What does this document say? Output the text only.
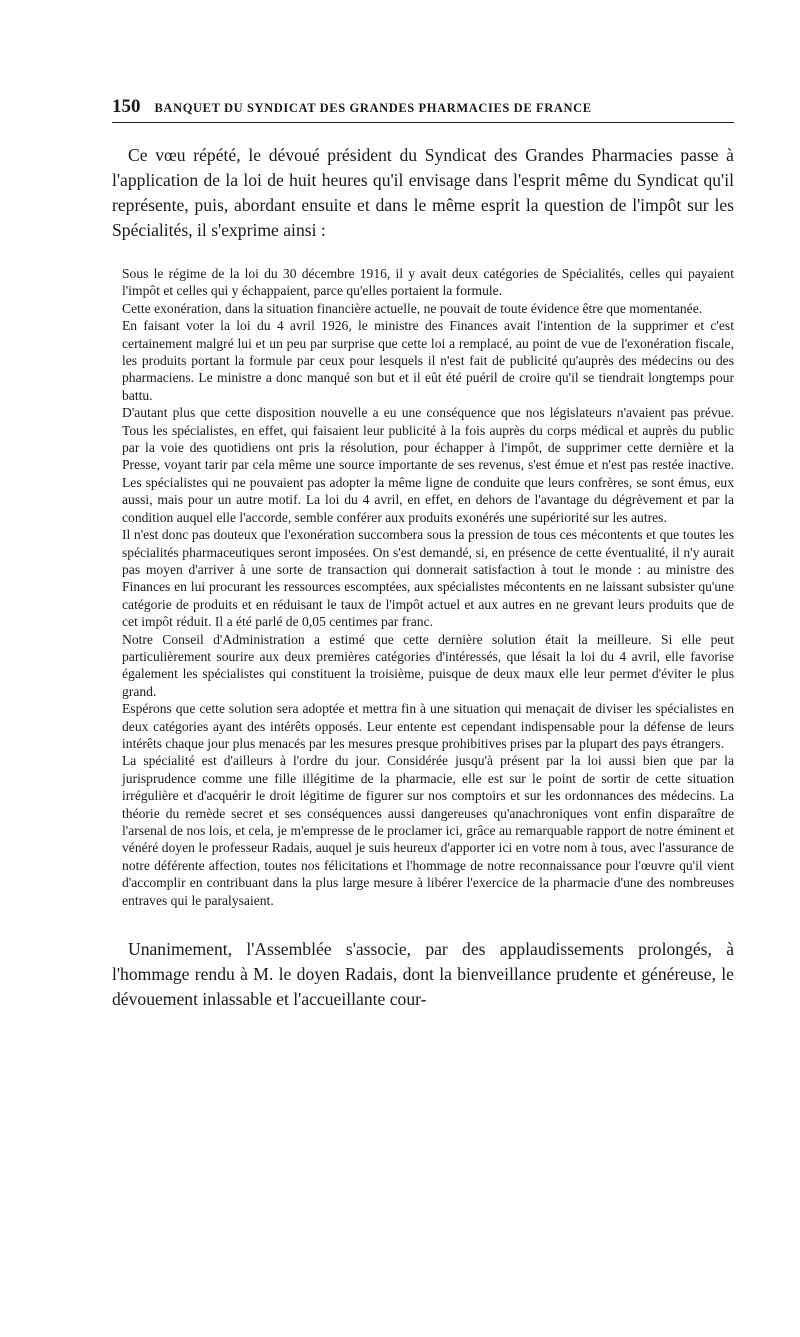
150 BANQUET DU SYNDICAT DES GRANDES PHARMACIES DE FRANCE

Ce vœu répété, le dévoué président du Syndicat des Grandes Pharmacies passe à l'application de la loi de huit heures qu'il envisage dans l'esprit même du Syndicat qu'il représente, puis, abordant ensuite et dans le même esprit la question de l'impôt sur les Spécialités, il s'exprime ainsi :

Sous le régime de la loi du 30 décembre 1916, il y avait deux catégories de Spécialités, celles qui payaient l'impôt et celles qui y échappaient, parce qu'elles portaient la formule.

Cette exonération, dans la situation financière actuelle, ne pouvait de toute évidence être que momentanée.

En faisant voter la loi du 4 avril 1926, le ministre des Finances avait l'intention de la supprimer et c'est certainement malgré lui et un peu par surprise que cette loi a remplacé, au point de vue de l'exonération fiscale, les produits portant la formule par ceux pour lesquels il n'est fait de publicité qu'auprès des médecins ou des pharmaciens. Le ministre a donc manqué son but et il eût été puéril de croire qu'il se tiendrait longtemps pour battu.

D'autant plus que cette disposition nouvelle a eu une conséquence que nos législateurs n'avaient pas prévue. Tous les spécialistes, en effet, qui faisaient leur publicité à la fois auprès du corps médical et auprès du public par la voie des quotidiens ont pris la résolution, pour échapper à l'impôt, de supprimer cette dernière et la Presse, voyant tarir par cela même une source importante de ses revenus, s'est émue et n'est pas restée inactive. Les spécialistes qui ne pouvaient pas adopter la même ligne de conduite que leurs confrères, se sont émus, eux aussi, mais pour un autre motif. La loi du 4 avril, en effet, en dehors de l'avantage du dégrèvement et par la condition auquel elle l'accorde, semble conférer aux produits exonérés une supériorité sur les autres.

Il n'est donc pas douteux que l'exonération succombera sous la pression de tous ces mécontents et que toutes les spécialités pharmaceutiques seront imposées. On s'est demandé, si, en présence de cette éventualité, il n'y aurait pas moyen d'arriver à une sorte de transaction qui donnerait satisfaction à tout le monde : au ministre des Finances en lui procurant les ressources escomptées, aux spécialistes mécontents en ne laissant subsister qu'une catégorie de produits et en réduisant le taux de l'impôt actuel et aux autres en ne grevant leurs produits que de cet impôt réduit. Il a été parlé de 0,05 centimes par franc.

Notre Conseil d'Administration a estimé que cette dernière solution était la meilleure. Si elle peut particulièrement sourire aux deux premières catégories d'intéressés, que lésait la loi du 4 avril, elle favorise également les spécialistes qui constituent la troisième, puisque de deux maux elle leur permet d'éviter le plus grand.

Espérons que cette solution sera adoptée et mettra fin à une situation qui menaçait de diviser les spécialistes en deux catégories ayant des intérêts opposés. Leur entente est cependant indispensable pour la défense de leurs intérêts chaque jour plus menacés par les mesures presque prohibitives prises par la plupart des pays étrangers.

La spécialité est d'ailleurs à l'ordre du jour. Considérée jusqu'à présent par la loi aussi bien que par la jurisprudence comme une fille illégitime de la pharmacie, elle est sur le point de sortir de cette situation irrégulière et d'acquérir le droit légitime de figurer sur nos comptoirs et sur les ordonnances des médecins. La théorie du remède secret et ses conséquences aussi dangereuses qu'anachroniques vont enfin disparaître de l'arsenal de nos lois, et cela, je m'empresse de le proclamer ici, grâce au remarquable rapport de notre éminent et vénéré doyen le professeur Radais, auquel je suis heureux d'apporter ici en votre nom à tous, avec l'assurance de notre déférente affection, toutes nos félicitations et l'hommage de notre reconnaissance pour l'œuvre qu'il vient d'accomplir en contribuant dans la plus large mesure à libérer l'exercice de la pharmacie d'une des nombreuses entraves qui le paralysaient.

Unanimement, l'Assemblée s'associe, par des applaudissements prolongés, à l'hommage rendu à M. le doyen Radais, dont la bienveillance prudente et généreuse, le dévouement inlassable et l'accueillante cour-
